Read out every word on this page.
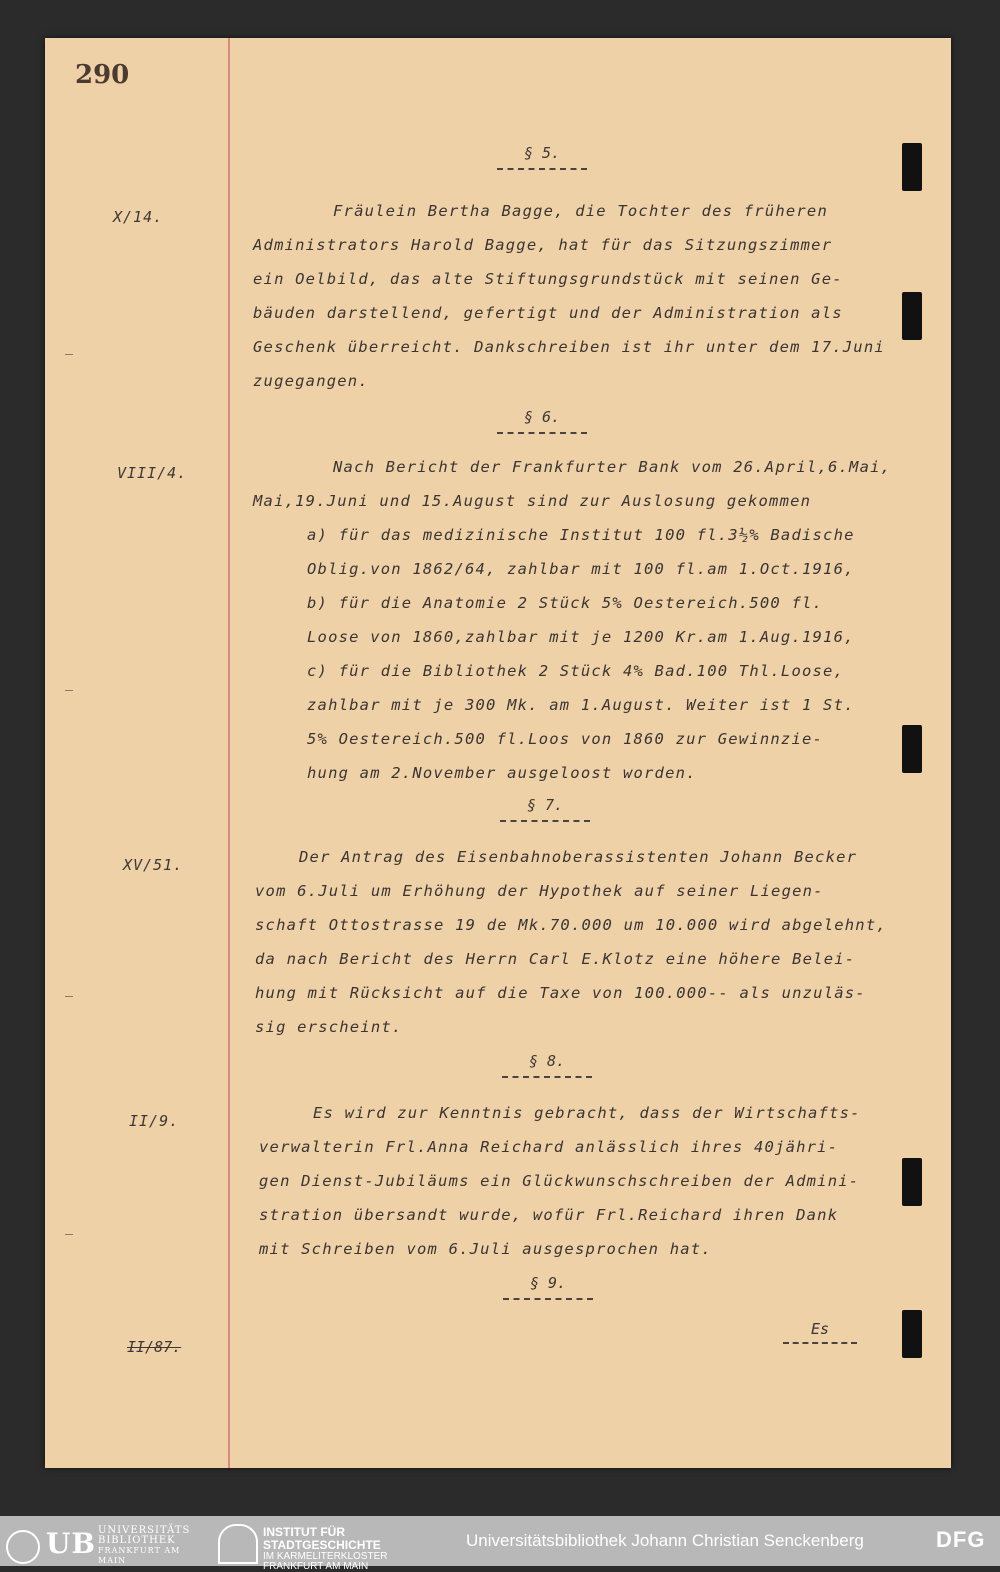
290
§ 5.
X/14.	Fräulein Bertha Bagge, die Tochter des früheren
Administrators Harold Bagge, hat für das Sitzungszimmer
ein Oelbild, das alte Stiftungsgrundstück mit seinen Ge-
bäuden darstellend, gefertigt und der Administration als
Geschenk überreicht. Dankschreiben ist ihr unter dem 17.Juni
zugegangen.
§ 6.
VIII/4.	Nach Bericht der Frankfurter Bank vom 26.April,6.Mai,
Mai,19.Juni und 15.August sind zur Auslosung gekommen
a) für das medizinische Institut 100 fl.3½% Badische
Oblig.von 1862/64, zahlbar mit 100 fl.am 1.Oct.1916,
b) für die Anatomie 2 Stück 5% Oestereich.500 fl.
Loose von 1860,zahlbar mit je 1200 Kr.am 1.Aug.1916,
c) für die Bibliothek 2 Stück 4% Bad.100 Thl.Loose,
zahlbar mit je 300 Mk. am 1.August. Weiter ist 1 St.
5% Oestereich.500 fl.Loos von 1860 zur Gewinnzie-
hung am 2.November ausgeloost worden.
§ 7.
XV/51.	Der Antrag des Eisenbahnoberassistenten Johann Becker
vom 6.Juli um Erhöhung der Hypothek auf seiner Liegen-
schaft Ottostrasse 19 de Mk.70.000 um 10.000 wird abgelehnt,
da nach Bericht des Herrn Carl E.Klotz eine höhere Belei-
hung mit Rücksicht auf die Taxe von 100.000-- als unzuläs-
sig erscheint.
§ 8.
II/9.	Es wird zur Kenntnis gebracht, dass der Wirtschafts-
verwalterin Frl.Anna Reichard anlässlich ihres 40jähri-
gen Dienst-Jubiläums ein Glückwunschschreiben der Admini-
stration übersandt wurde, wofür Frl.Reichard ihren Dank
mit Schreiben vom 6.Juli ausgesprochen hat.
§ 9.
II/87.
Es
UB UNIVERSITÄTS
BIBLIOTHEK
FRANKFURT AM MAIN
INSTITUT FÜR
STADTGESCHICHTE
IM KARMELITERKLOSTER
FRANKFURT AM MAIN
Universitätsbibliothek Johann Christian Senckenberg	DFG
